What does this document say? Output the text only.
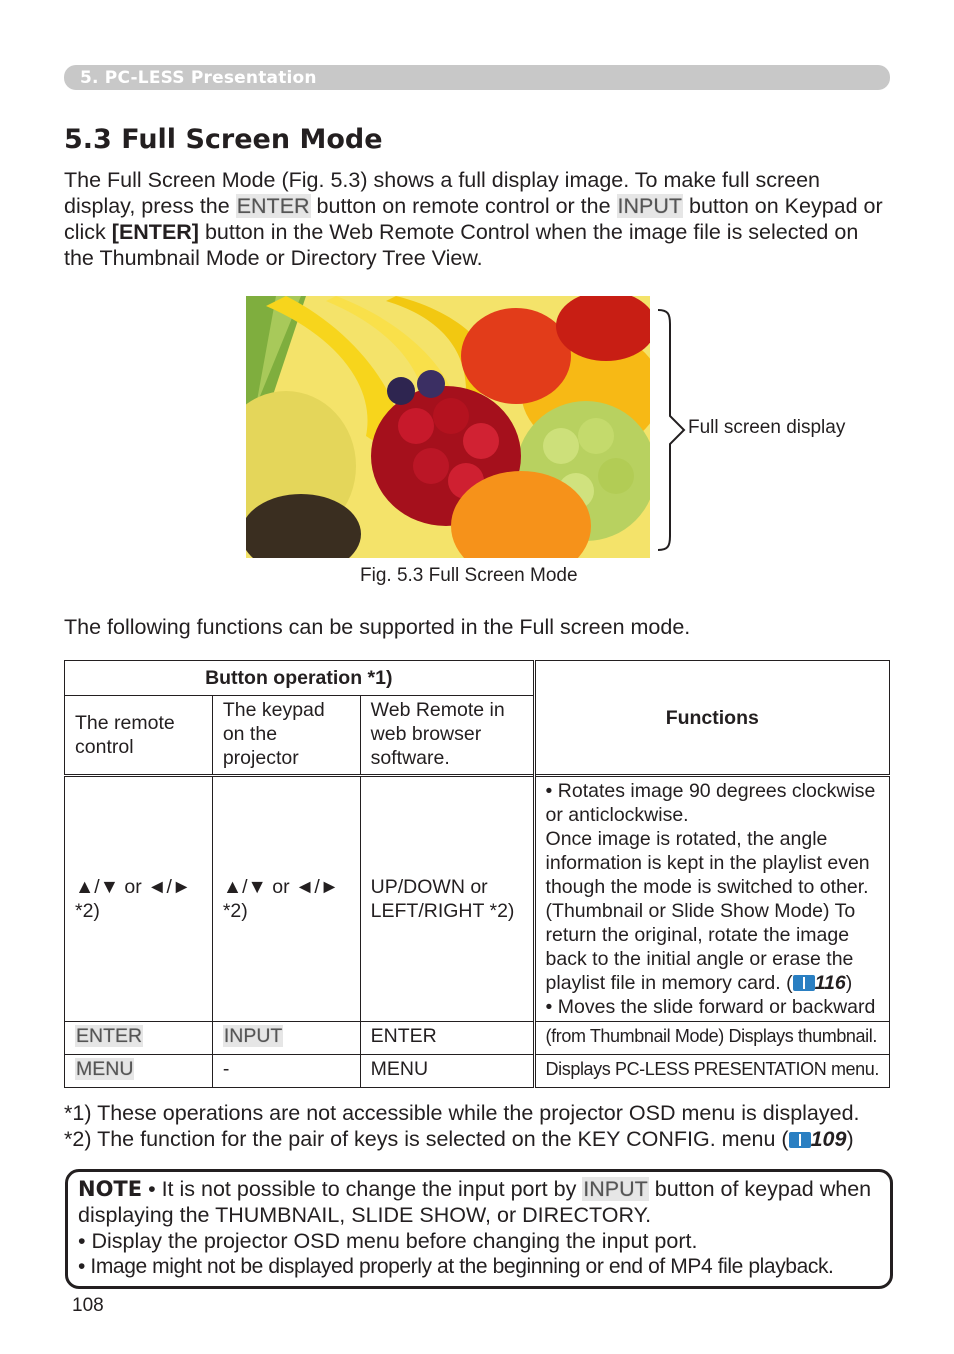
5. PC-LESS Presentation
5.3 Full Screen Mode
The Full Screen Mode (Fig. 5.3) shows a full display image. To make full screen display, press the ENTER button on remote control or the INPUT button on Keypad or click [ENTER] button in the Web Remote Control when the image file is selected on the Thumbnail Mode or Directory Tree View.
Full screen display
Fig. 5.3 Full Screen Mode
The following functions can be supported in the Full screen mode.
Button operation *1)			Functions
The remote control	The keypad on the projector	Web Remote in web browser software.	
▲/▼ or ◄/► *2)	▲/▼ or ◄/► *2)	UP/DOWN or LEFT/RIGHT *2)	• Rotates image 90 degrees clockwise or anticlockwise.
Once image is rotated, the angle information is kept in the playlist even though the mode is switched to other. (Thumbnail or Slide Show Mode) To return the original, rotate the image back to the initial angle or erase the playlist file in memory card. ( 116)
• Moves the slide forward or backward

ENTER	INPUT	ENTER	(from Thumbnail Mode) Displays thumbnail.
MENU	-	MENU	Displays PC-LESS PRESENTATION menu.
*1) These operations are not accessible while the projector OSD menu is displayed.
*2) The function for the pair of keys is selected on the KEY CONFIG. menu ( 109)
NOTE • It is not possible to change the input port by INPUT button of keypad when displaying the THUMBNAIL, SLIDE SHOW, or DIRECTORY.
• Display the projector OSD menu before changing the input port.
• Image might not be displayed properly at the beginning or end of MP4 file playback.
108
